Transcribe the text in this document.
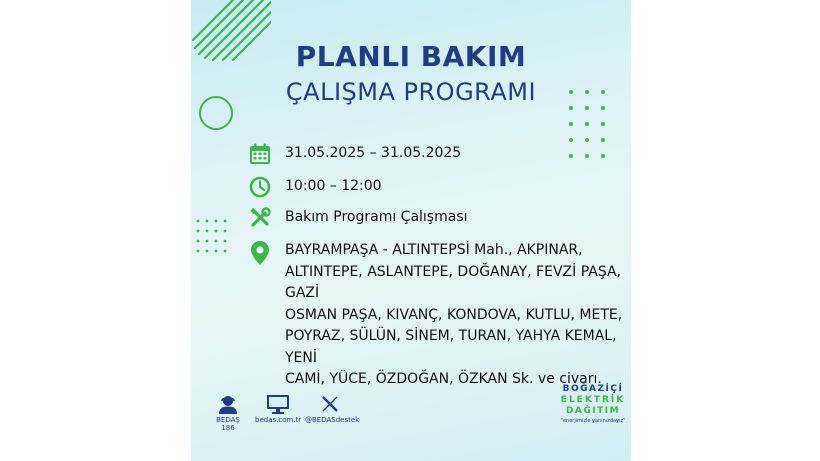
PLANLI BAKIM
ÇALIŞMA PROGRAMI
31.05.2025 – 31.05.2025
10:00 – 12:00
Bakım Programı Çalışması
BAYRAMPAŞA - ALTINTEPSİ Mah., AKPINAR,
ALTINTEPE, ASLANTEPE, DOĞANAY, FEVZİ PAŞA, GAZİ
OSMAN PAŞA, KIVANÇ, KONDOVA, KUTLU, METE,
POYRAZ, SÜLÜN, SİNEM, TURAN, YAHYA KEMAL, YENİ
CAMİ, YÜCE, ÖZDOĞAN, ÖZKAN Sk. ve civarı.
BEDAŞ 186
bedas.com.tr @BEDASdestek
BOĞAZİÇİ
ELEKTRİK
DAĞITIM
"enerjimizle yanınızdayız"
